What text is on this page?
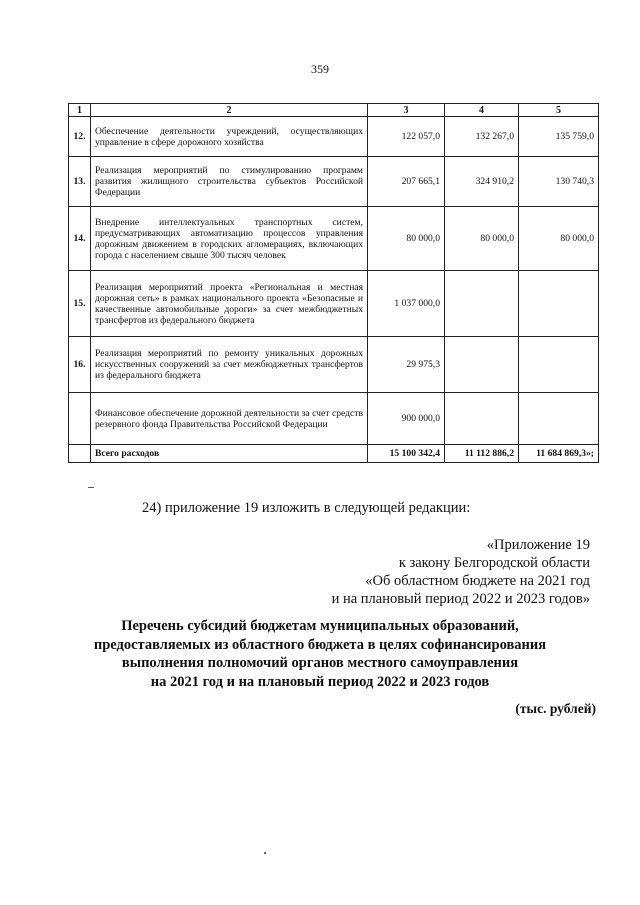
359
1	2	3	4	5
12.	Обеспечение деятельности учреждений, осуществляющих управление в сфере дорожного хозяйства	122 057,0	132 267,0	135 759,0
13.	Реализация мероприятий по стимулированию программ развития жилищного строительства субъектов Российской Федерации	207 665,1	324 910,2	130 740,3
14.	Внедрение интеллектуальных транспортных систем, предусматривающих автоматизацию процессов управления дорожным движением в городских агломерациях, включающих города с населением свыше 300 тысяч человек	80 000,0	80 000,0	80 000,0
15.	Реализация мероприятий проекта «Региональная и местная дорожная сеть» в рамках национального проекта «Безопасные и качественные автомобильные дороги» за счет межбюджетных трансфертов из федерального бюджета	1 037 000,0		
16.	Реализация мероприятий по ремонту уникальных дорожных искусственных сооружений за счет межбюджетных трансфертов из федерального бюджета	29 975,3		
	Финансовое обеспечение дорожной деятельности за счет средств резервного фонда Правительства Российской Федерации	900 000,0		
	Всего расходов	15 100 342,4	11 112 886,2	11 684 869,3»;
24) приложение 19 изложить в следующей редакции:
«Приложение 19
к закону Белгородской области
«Об областном бюджете на 2021 год
и на плановый период 2022 и 2023 годов»
Перечень субсидий бюджетам муниципальных образований,
предоставляемых из областного бюджета в целях софинансирования
выполнения полномочий органов местного самоуправления
на 2021 год и на плановый период 2022 и 2023 годов
(тыс. рублей)
